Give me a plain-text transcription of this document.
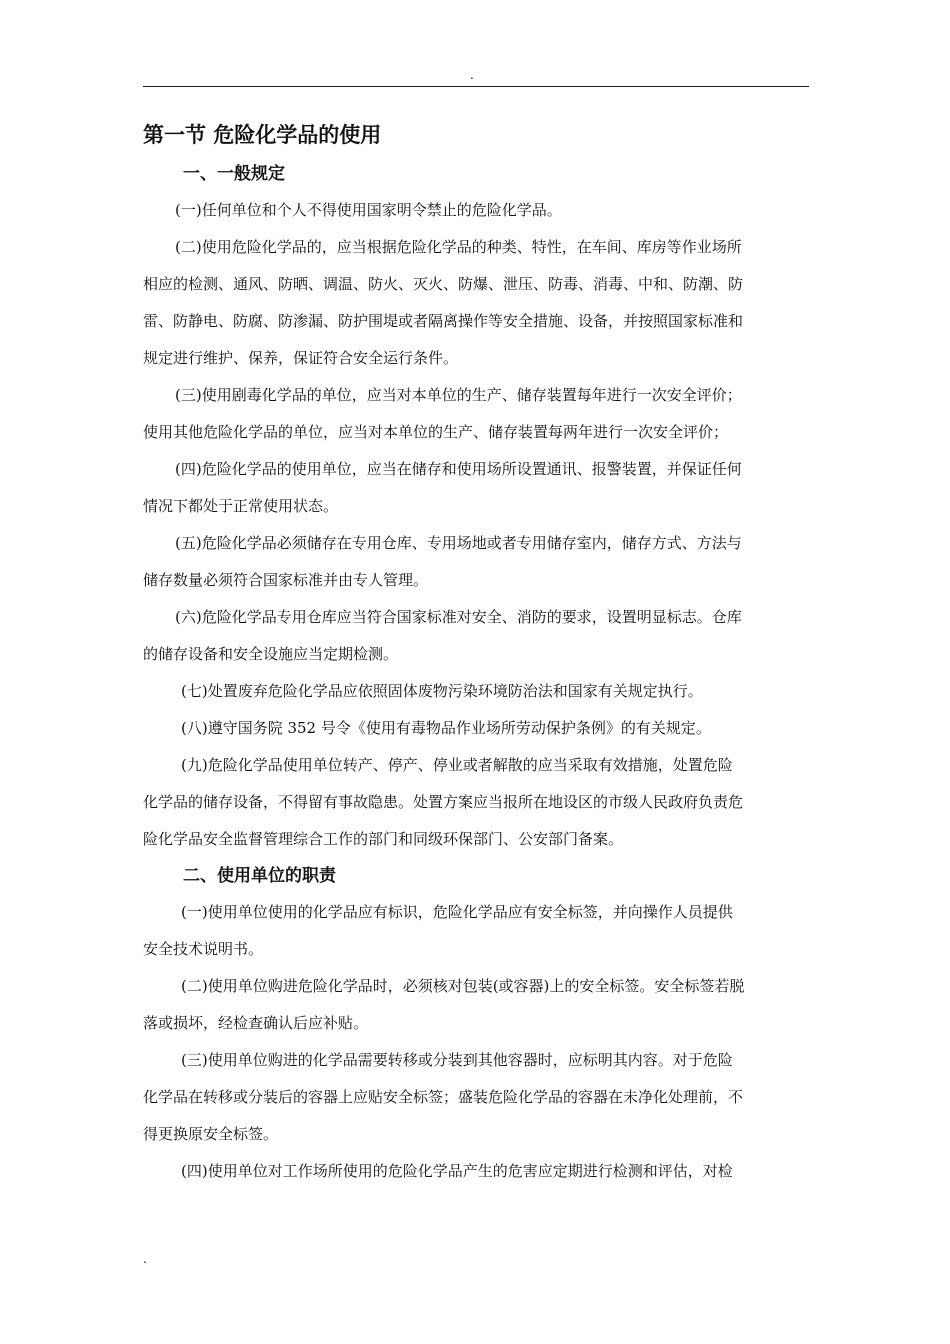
.
第一节 危险化学品的使用
一、一般规定

(一)任何单位和个人不得使用国家明令禁止的危险化学品。

(二)使用危险化学品的，应当根据危险化学品的种类、特性，在车间、库房等作业场所
相应的检测、通风、防晒、调温、防火、灭火、防爆、泄压、防毒、消毒、中和、防潮、防
雷、防静电、防腐、防渗漏、防护围堤或者隔离操作等安全措施、设备，并按照国家标准和
规定进行维护、保养，保证符合安全运行条件。

(三)使用剧毒化学品的单位，应当对本单位的生产、储存装置每年进行一次安全评价；
使用其他危险化学品的单位，应当对本单位的生产、储存装置每两年进行一次安全评价；

(四)危险化学品的使用单位，应当在储存和使用场所设置通讯、报警装置，并保证任何
情况下都处于正常使用状态。

(五)危险化学品必须储存在专用仓库、专用场地或者专用储存室内，储存方式、方法与
储存数量必须符合国家标准并由专人管理。

(六)危险化学品专用仓库应当符合国家标准对安全、消防的要求，设置明显标志。仓库
的储存设备和安全设施应当定期检测。

(七)处置废弃危险化学品应依照固体废物污染环境防治法和国家有关规定执行。

(八)遵守国务院 352 号令《使用有毒物品作业场所劳动保护条例》的有关规定。

(九)危险化学品使用单位转产、停产、停业或者解散的应当采取有效措施，处置危险
化学品的储存设备，不得留有事故隐患。处置方案应当报所在地设区的市级人民政府负责危
险化学品安全监督管理综合工作的部门和同级环保部门、公安部门备案。

二、使用单位的职责

(一)使用单位使用的化学品应有标识，危险化学品应有安全标签，并向操作人员提供
安全技术说明书。

(二)使用单位购进危险化学品时，必须核对包装(或容器)上的安全标签。安全标签若脱
落或损坏，经检查确认后应补贴。

(三)使用单位购进的化学品需要转移或分装到其他容器时，应标明其内容。对于危险
化学品在转移或分装后的容器上应贴安全标签；盛装危险化学品的容器在未净化处理前，不
得更换原安全标签。

(四)使用单位对工作场所使用的危险化学品产生的危害应定期进行检测和评估，对检

.
